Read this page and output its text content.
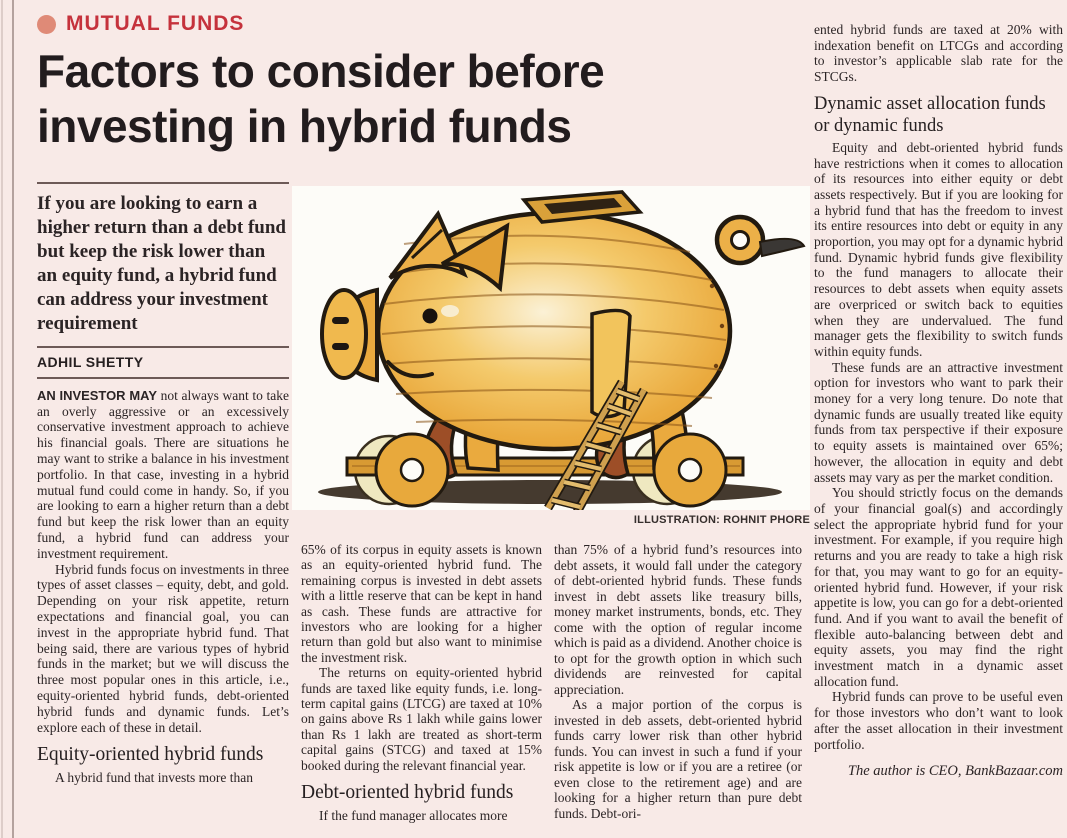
MUTUAL FUNDS
Factors to consider before
investing in hybrid funds

If you are looking to earn a higher return than a debt fund but keep the risk lower than an equity fund, a hybrid fund can address your investment requirement

ADHIL SHETTY

AN INVESTOR MAY not always want to take an overly aggressive or an excessively conservative investment approach to achieve his financial goals. There are situations he may want to strike a balance in his investment portfolio. In that case, investing in a hybrid mutual fund could come in handy. So, if you are looking to earn a higher return than a debt fund but keep the risk lower than an equity fund, a hybrid fund can address your investment requirement.

Hybrid funds focus on investments in three types of asset classes – equity, debt, and gold. Depending on your risk appetite, return expectations and financial goal, you can invest in the appropriate hybrid fund. That being said, there are various types of hybrid funds in the market; but we will discuss the three most popular ones in this article, i.e., equity-oriented hybrid funds, debt-oriented hybrid funds and dynamic funds. Let’s explore each of these in detail.

Equity-oriented hybrid funds

A hybrid fund that invests more than

ILLUSTRATION: ROHNIT PHORE

65% of its corpus in equity assets is known as an equity-oriented hybrid fund. The remaining corpus is invested in debt assets with a little reserve that can be kept in hand as cash. These funds are attractive for investors who are looking for a higher return than gold but also want to minimise the investment risk.

The returns on equity-oriented hybrid funds are taxed like equity funds, i.e. long-term capital gains (LTCG) are taxed at 10% on gains above Rs 1 lakh while gains lower than Rs 1 lakh are treated as short-term capital gains (STCG) and taxed at 15% booked during the relevant financial year.

Debt-oriented hybrid funds

If the fund manager allocates more

than 75% of a hybrid fund’s resources into debt assets, it would fall under the category of debt-oriented hybrid funds. These funds invest in debt assets like treasury bills, money market instruments, bonds, etc. They come with the option of regular income which is paid as a dividend. Another choice is to opt for the growth option in which such dividends are reinvested for capital appreciation.

As a major portion of the corpus is invested in deb assets, debt-oriented hybrid funds carry lower risk than other hybrid funds. You can invest in such a fund if your risk appetite is low or if you are a retiree (or even close to the retirement age) and are looking for a higher return than pure debt funds. Debt-ori-

ented hybrid funds are taxed at 20% with indexation benefit on LTCGs and according to investor’s applicable slab rate for the STCGs.

Dynamic asset allocation funds or dynamic funds

Equity and debt-oriented hybrid funds have restrictions when it comes to allocation of its resources into either equity or debt assets respectively. But if you are looking for a hybrid fund that has the freedom to invest its entire resources into debt or equity in any proportion, you may opt for a dynamic hybrid fund. Dynamic hybrid funds give flexibility to the fund managers to allocate their resources to debt assets when equity assets are overpriced or switch back to equities when they are undervalued. The fund manager gets the flexibility to switch funds within equity funds.

These funds are an attractive investment option for investors who want to park their money for a very long tenure. Do note that dynamic funds are usually treated like equity funds from tax perspective if their exposure to equity assets is maintained over 65%; however, the allocation in equity and debt assets may vary as per the market condition.

You should strictly focus on the demands of your financial goal(s) and accordingly select the appropriate hybrid fund for your investment. For example, if you require high returns and you are ready to take a high risk for that, you may want to go for an equity-oriented hybrid fund. However, if your risk appetite is low, you can go for a debt-oriented fund. And if you want to avail the benefit of flexible auto-balancing between debt and equity assets, you may find the right investment match in a dynamic asset allocation fund.

Hybrid funds can prove to be useful even for those investors who don’t want to look after the asset allocation in their investment portfolio.

The author is CEO, BankBazaar.com
